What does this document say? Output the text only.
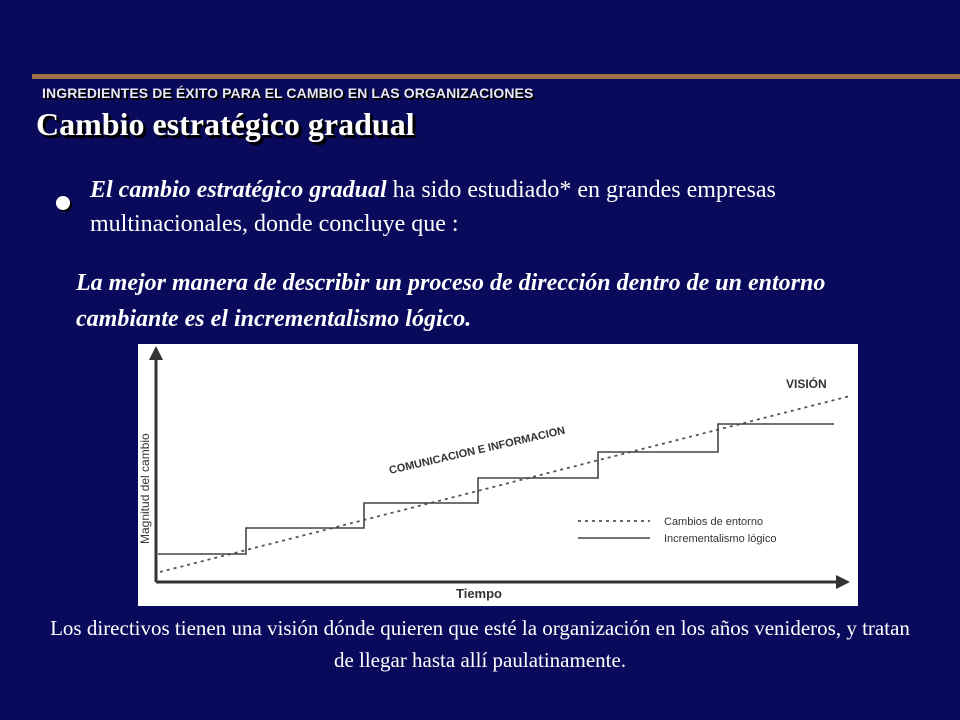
INGREDIENTES DE ÉXITO PARA EL CAMBIO EN LAS ORGANIZACIONES
Cambio estratégico gradual
El cambio estratégico gradual ha sido estudiado* en grandes empresas multinacionales, donde concluye que :
La mejor manera de describir un proceso de dirección dentro de un entorno cambiante es el incrementalismo lógico.
Magnitud del cambio
Tiempo
VISIÓN
COMUNICACION E INFORMACION
Cambios de entorno
Incrementalismo lógico
Los directivos tienen una visión dónde quieren que esté la organización en los años venideros, y tratan de llegar hasta allí paulatinamente.
